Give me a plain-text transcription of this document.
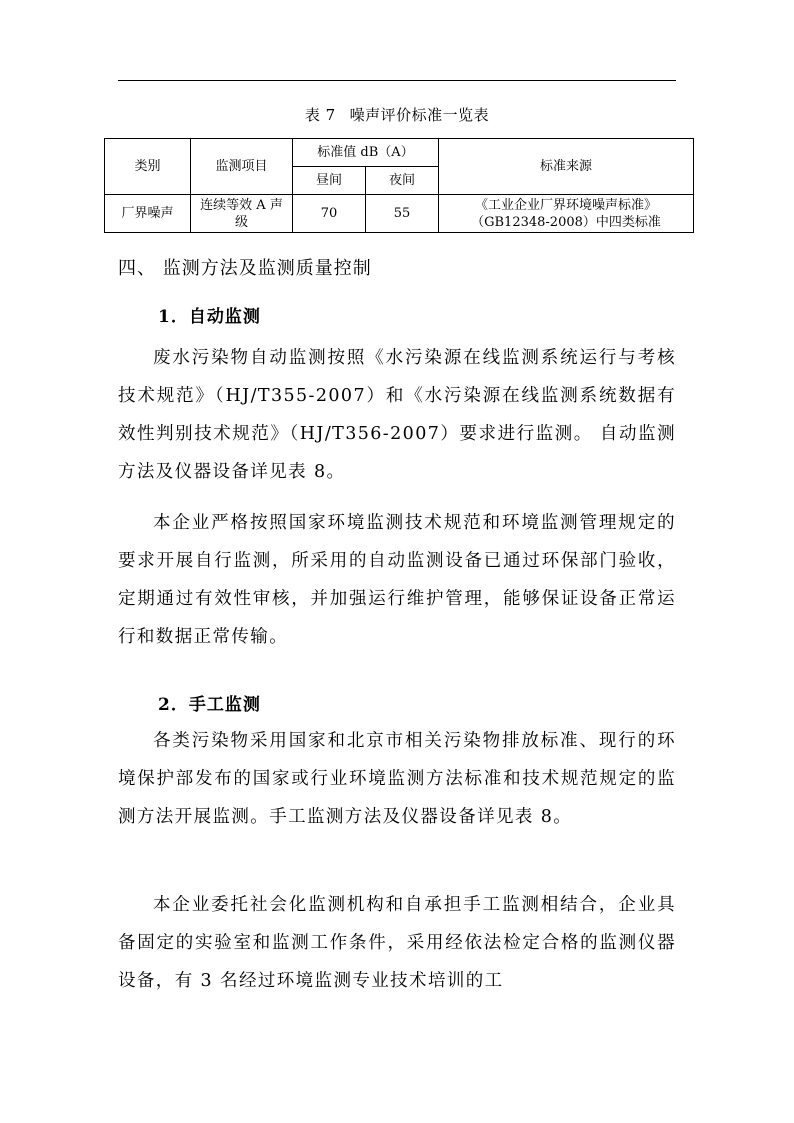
表 7 噪声评价标准一览表
类别	监测项目	标准值 dB（A）		标准来源
		昼间	夜间	
厂界噪声	连续等效 A 声级	70	55	《工业企业厂界环境噪声标准》
（GB12348-2008）中四类标准
四、 监测方法及监测质量控制
1．自动监测

废水污染物自动监测按照《水污染源在线监测系统运行与考核技术规范》（HJ/T355-2007）和《水污染源在线监测系统数据有效性判别技术规范》（HJ/T356-2007）要求进行监测。 自动监测方法及仪器设备详见表 8。

本企业严格按照国家环境监测技术规范和环境监测管理规定的要求开展自行监测，所采用的自动监测设备已通过环保部门验收，定期通过有效性审核，并加强运行维护管理，能够保证设备正常运行和数据正常传输。

2．手工监测

各类污染物采用国家和北京市相关污染物排放标准、现行的环境保护部发布的国家或行业环境监测方法标准和技术规范规定的监测方法开展监测。手工监测方法及仪器设备详见表 8。

本企业委托社会化监测机构和自承担手工监测相结合，企业具备固定的实验室和监测工作条件，采用经依法检定合格的监测仪器设备，有 3 名经过环境监测专业技术培训的工
